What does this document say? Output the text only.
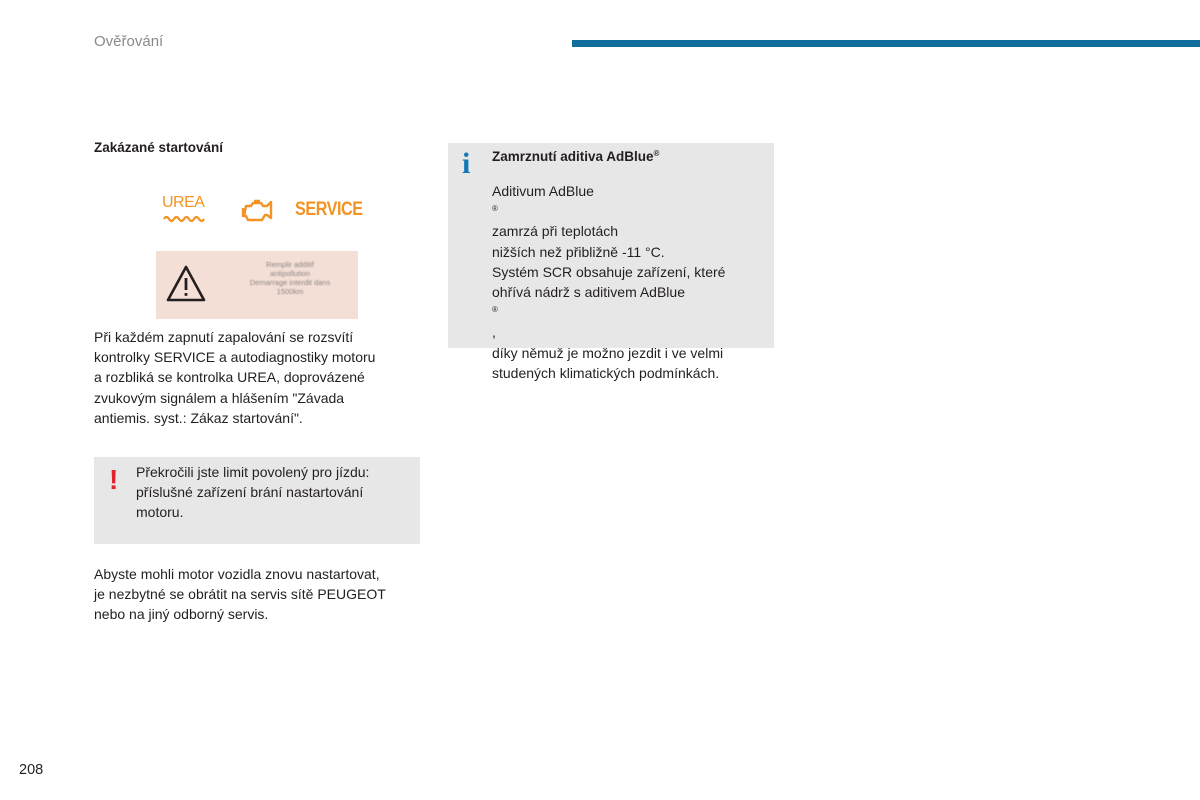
Ověřování
Zakázané startování
UREA	SERVICE
Remplir additif
antipollution
Demarrage interdit dans
1500km
Při každém zapnutí zapalování se rozsvítí
kontrolky SERVICE a autodiagnostiky motoru
a rozbliká se kontrolka UREA, doprovázené
zvukovým signálem a hlášením "Závada
antiemis. syst.: Zákaz startování".
! Překročili jste limit povolený pro jízdu:
příslušné zařízení brání nastartování
motoru.
Abyste mohli motor vozidla znovu nastartovat,
je nezbytné se obrátit na servis sítě PEUGEOT
nebo na jiný odborný servis.
i Zamrznutí aditiva AdBlue®
Aditivum AdBlue
®
zamrzá při teplotách
nižších než přibližně -11 °C.
Systém SCR obsahuje zařízení, které
ohřívá nádrž s aditivem AdBlue
®
,
díky němuž je možno jezdit i ve velmi
studených klimatických podmínkách.
208
